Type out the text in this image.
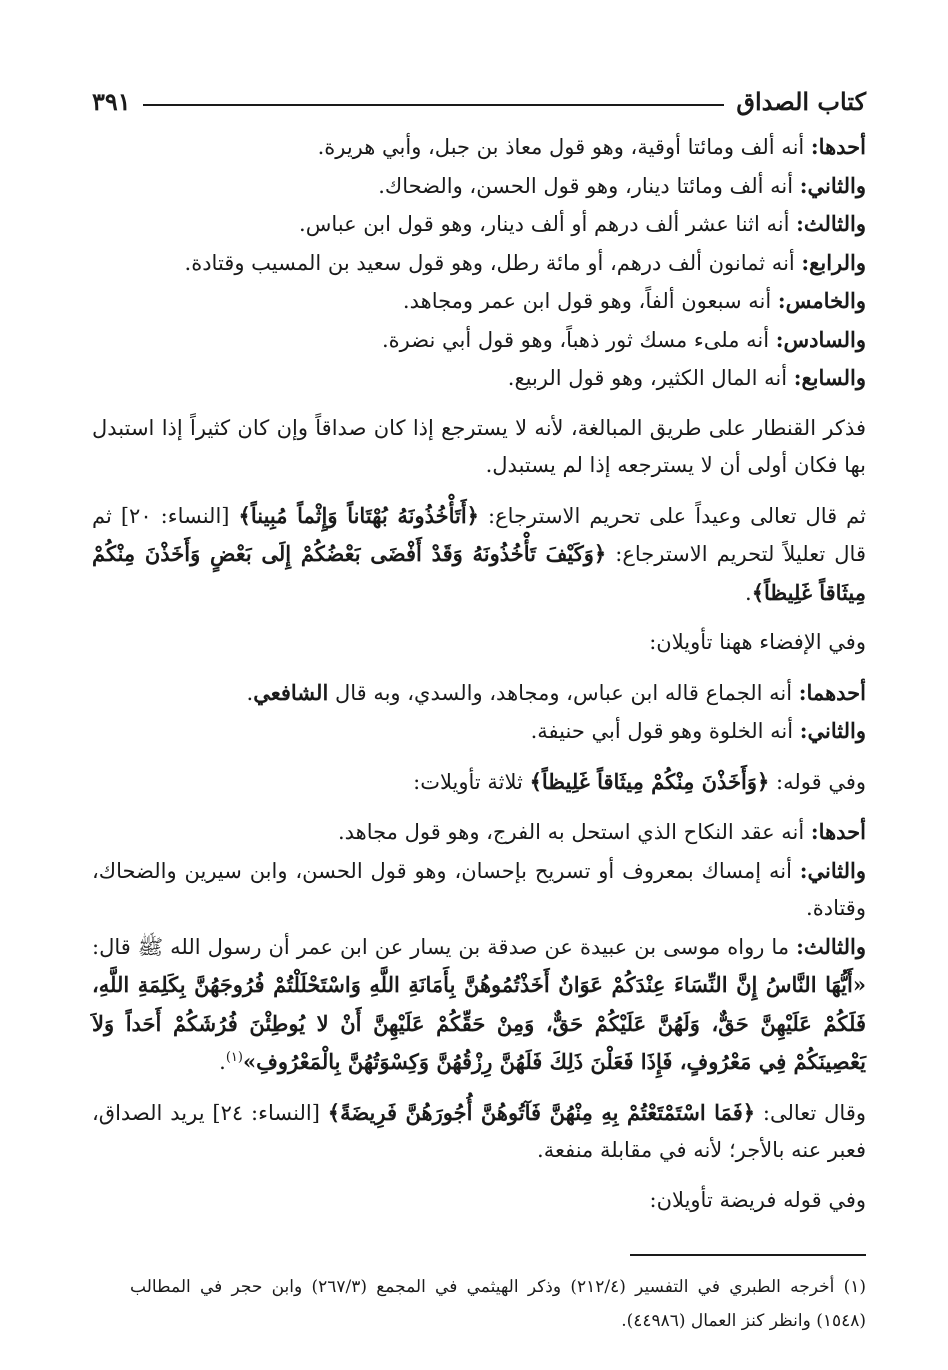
كتاب الصداق
٣٩١

أحدها: أنه ألف ومائتا أوقية، وهو قول معاذ بن جبل، وأبي هريرة.

والثاني: أنه ألف ومائتا دينار، وهو قول الحسن، والضحاك.

والثالث: أنه اثنا عشر ألف درهم أو ألف دينار، وهو قول ابن عباس.

والرابع: أنه ثمانون ألف درهم، أو مائة رطل، وهو قول سعيد بن المسيب وقتادة.

والخامس: أنه سبعون ألفاً، وهو قول ابن عمر ومجاهد.

والسادس: أنه ملىء مسك ثور ذهباً، وهو قول أبي نضرة.

والسابع: أنه المال الكثير، وهو قول الربيع.

فذكر القنطار على طريق المبالغة، لأنه لا يسترجع إذا كان صداقاً وإن كان كثيراً إذا استبدل بها فكان أولى أن لا يسترجعه إذا لم يستبدل.

ثم قال تعالى وعيداً على تحريم الاسترجاع: ﴿أَتَأْخُذُونَهُ بُهْتَاناً وَإِثْماً مُبِيناً﴾ [النساء: ٢٠] ثم قال تعليلاً لتحريم الاسترجاع: ﴿وَكَيْفَ تَأْخُذُونَهُ وَقَدْ أَفْضَى بَعْضُكُمْ إِلَى بَعْضٍ وَأَخَذْنَ مِنْكُمْ مِيثَاقاً غَلِيظاً﴾.

وفي الإفضاء ههنا تأويلان:

أحدهما: أنه الجماع قاله ابن عباس، ومجاهد، والسدي، وبه قال الشافعي.

والثاني: أنه الخلوة وهو قول أبي حنيفة.

وفي قوله: ﴿وَأَخَذْنَ مِنْكُمْ مِيثَاقاً غَلِيظاً﴾ ثلاثة تأويلات:

أحدها: أنه عقد النكاح الذي استحل به الفرج، وهو قول مجاهد.

والثاني: أنه إمساك بمعروف أو تسريح بإحسان، وهو قول الحسن، وابن سيرين والضحاك، وقتادة.

والثالث: ما رواه موسى بن عبيدة عن صدقة بن يسار عن ابن عمر أن رسول الله ﷺ قال: «أَيُّهَا النَّاسُ إِنَّ النِّسَاءَ عِنْدَكُمْ عَوَانٌ أَخَذْتُمُوهُنَّ بِأَمَانَةِ اللَّهِ وَاسْتَحْلَلْتُمْ فُرُوجَهُنَّ بِكَلِمَةِ اللَّهِ، فَلَكُمْ عَلَيْهِنَّ حَقٌّ، وَلَهُنَّ عَلَيْكُمْ حَقٌّ، وَمِنْ حَقِّكُمْ عَلَيْهِنَّ أَنْ لا يُوطِئْنَ فُرُشَكُمْ أَحَداً وَلاَ يَعْصِينَكُمْ فِي مَعْرُوفٍ، فَإِذَا فَعَلْنَ ذَلِكَ فَلَهُنَّ رِزْقُهُنَّ وَكِسْوَتُهُنَّ بِالْمَعْرُوفِ»$^{(١)}$.

وقال تعالى: ﴿فَمَا اسْتَمْتَعْتُمْ بِهِ مِنْهُنَّ فَآتُوهُنَّ أُجُورَهُنَّ فَرِيضَةً﴾ [النساء: ٢٤] يريد الصداق، فعبر عنه بالأجر؛ لأنه في مقابلة منفعة.

وفي قوله فريضة تأويلان:

(١) أخرجه الطبري في التفسير (٢١٢/٤) وذكر الهيثمي في المجمع (٢٦٧/٣) وابن حجر في المطالب (١٥٤٨) وانظر كنز العمال (٤٤٩٨٦).
